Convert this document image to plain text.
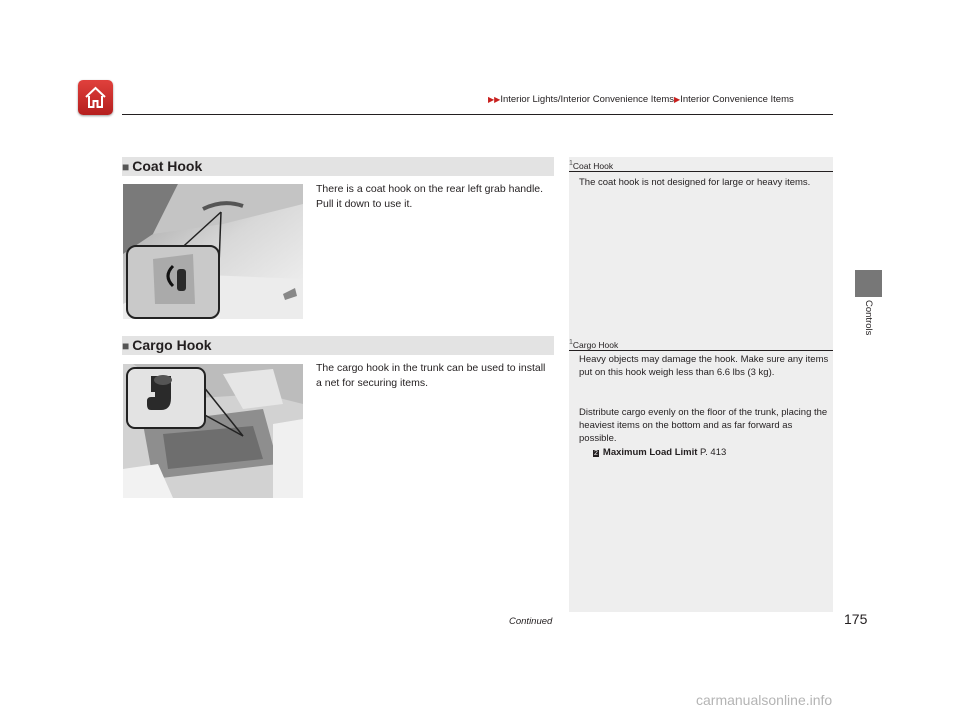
▶▶Interior Lights/Interior Convenience Items▶Interior Convenience Items
Controls
■ Coat Hook
There is a coat hook on the rear left grab handle. Pull it down to use it.
$^1$Coat Hook
The coat hook is not designed for large or heavy items.
■ Cargo Hook
The cargo hook in the trunk can be used to install a net for securing items.
$^1$Cargo Hook
Heavy objects may damage the hook. Make sure any items put on this hook weigh less than 6.6 lbs (3 kg).
Distribute cargo evenly on the floor of the trunk, placing the heaviest items on the bottom and as far forward as possible.
2 Maximum Load Limit P. 413
Continued	175
carmanualsonline.info
